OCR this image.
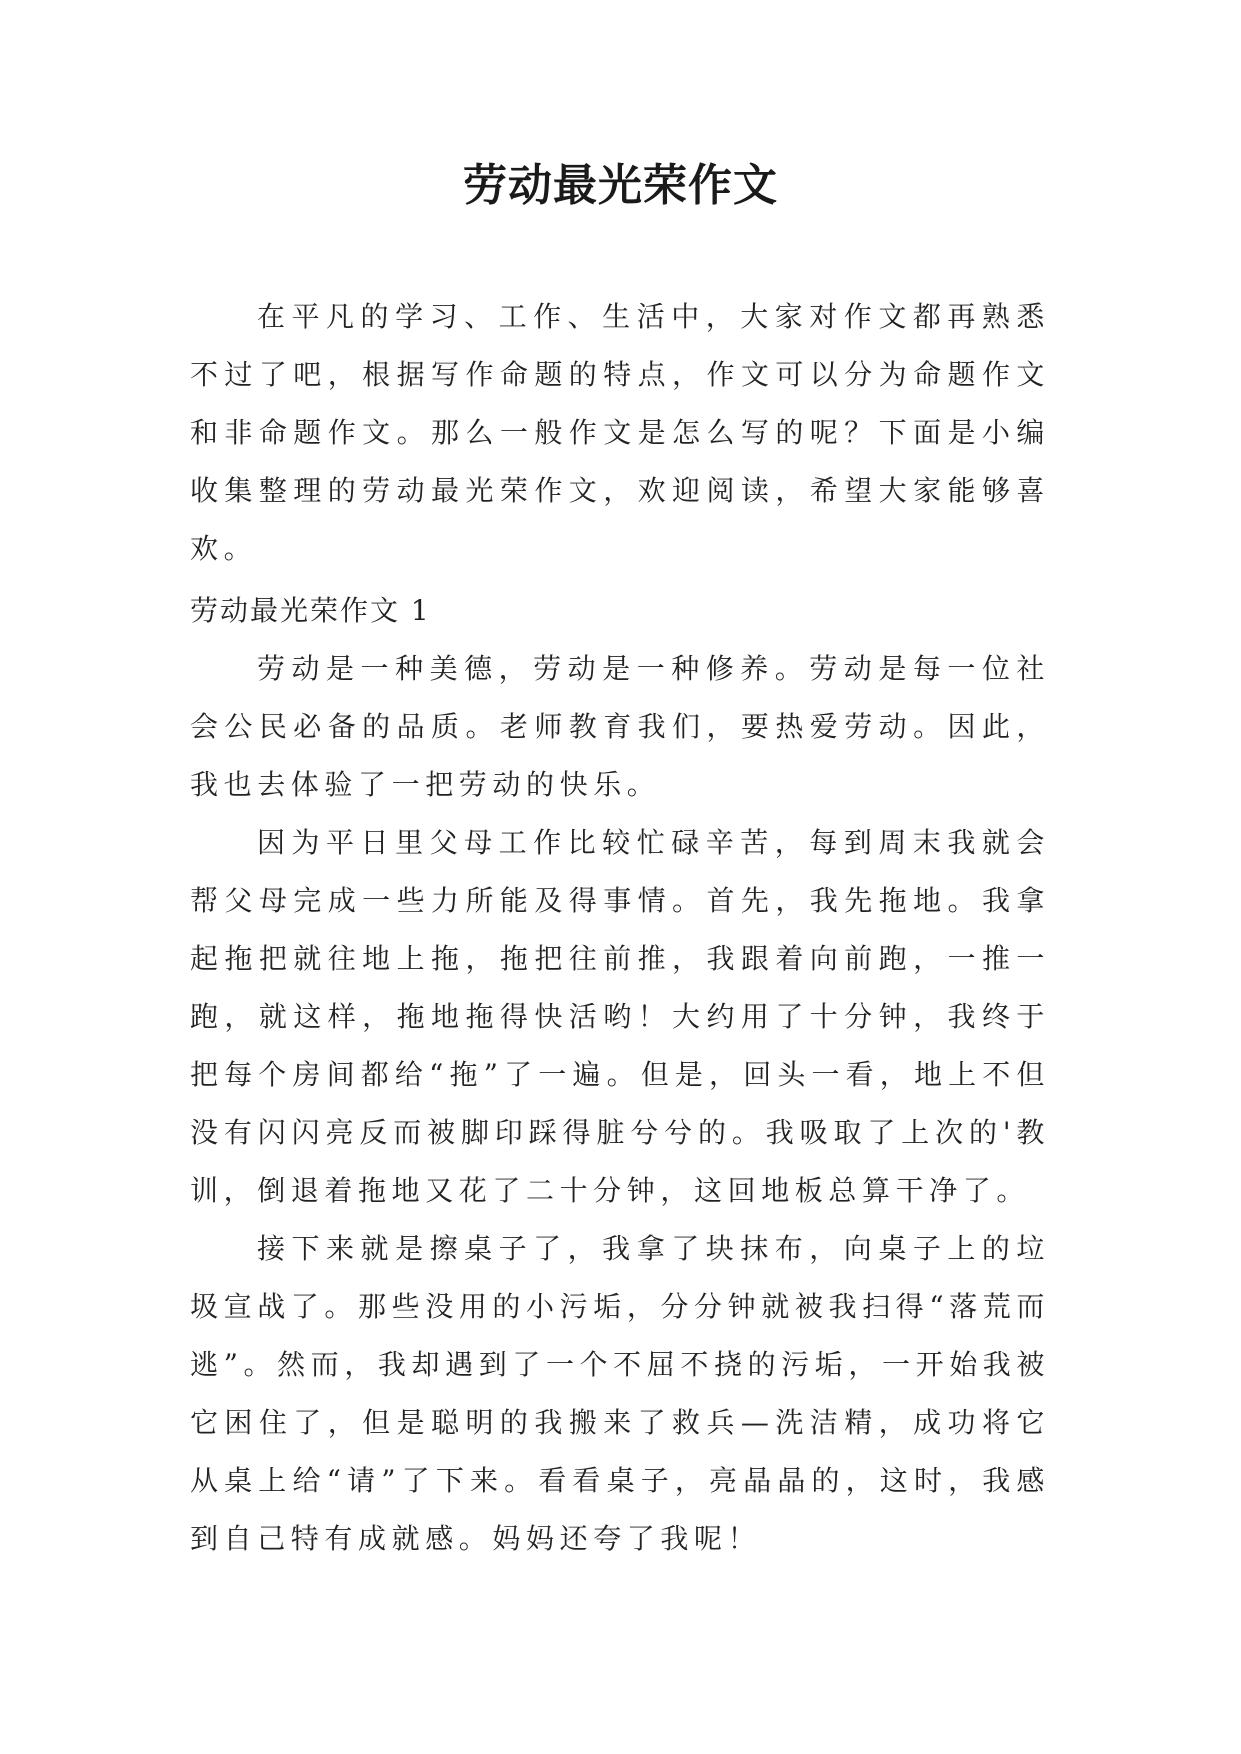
劳动最光荣作文

在平凡的学习、工作、生活中，大家对作文都再熟悉不过了吧，根据写作命题的特点，作文可以分为命题作文和非命题作文。那么一般作文是怎么写的呢？下面是小编收集整理的劳动最光荣作文，欢迎阅读，希望大家能够喜欢。

劳动最光荣作文 1

劳动是一种美德，劳动是一种修养。劳动是每一位社会公民必备的品质。老师教育我们，要热爱劳动。因此，我也去体验了一把劳动的快乐。

因为平日里父母工作比较忙碌辛苦，每到周末我就会帮父母完成一些力所能及得事情。首先，我先拖地。我拿起拖把就往地上拖，拖把往前推，我跟着向前跑，一推一跑，就这样，拖地拖得快活哟！大约用了十分钟，我终于把每个房间都给“拖”了一遍。但是，回头一看，地上不但没有闪闪亮反而被脚印踩得脏兮兮的。我吸取了上次的'教训，倒退着拖地又花了二十分钟，这回地板总算干净了。

接下来就是擦桌子了，我拿了块抹布，向桌子上的垃圾宣战了。那些没用的小污垢，分分钟就被我扫得“落荒而逃”。然而，我却遇到了一个不屈不挠的污垢，一开始我被它困住了，但是聪明的我搬来了救兵—洗洁精，成功将它从桌上给“请”了下来。看看桌子，亮晶晶的，这时，我感到自己特有成就感。妈妈还夸了我呢！
